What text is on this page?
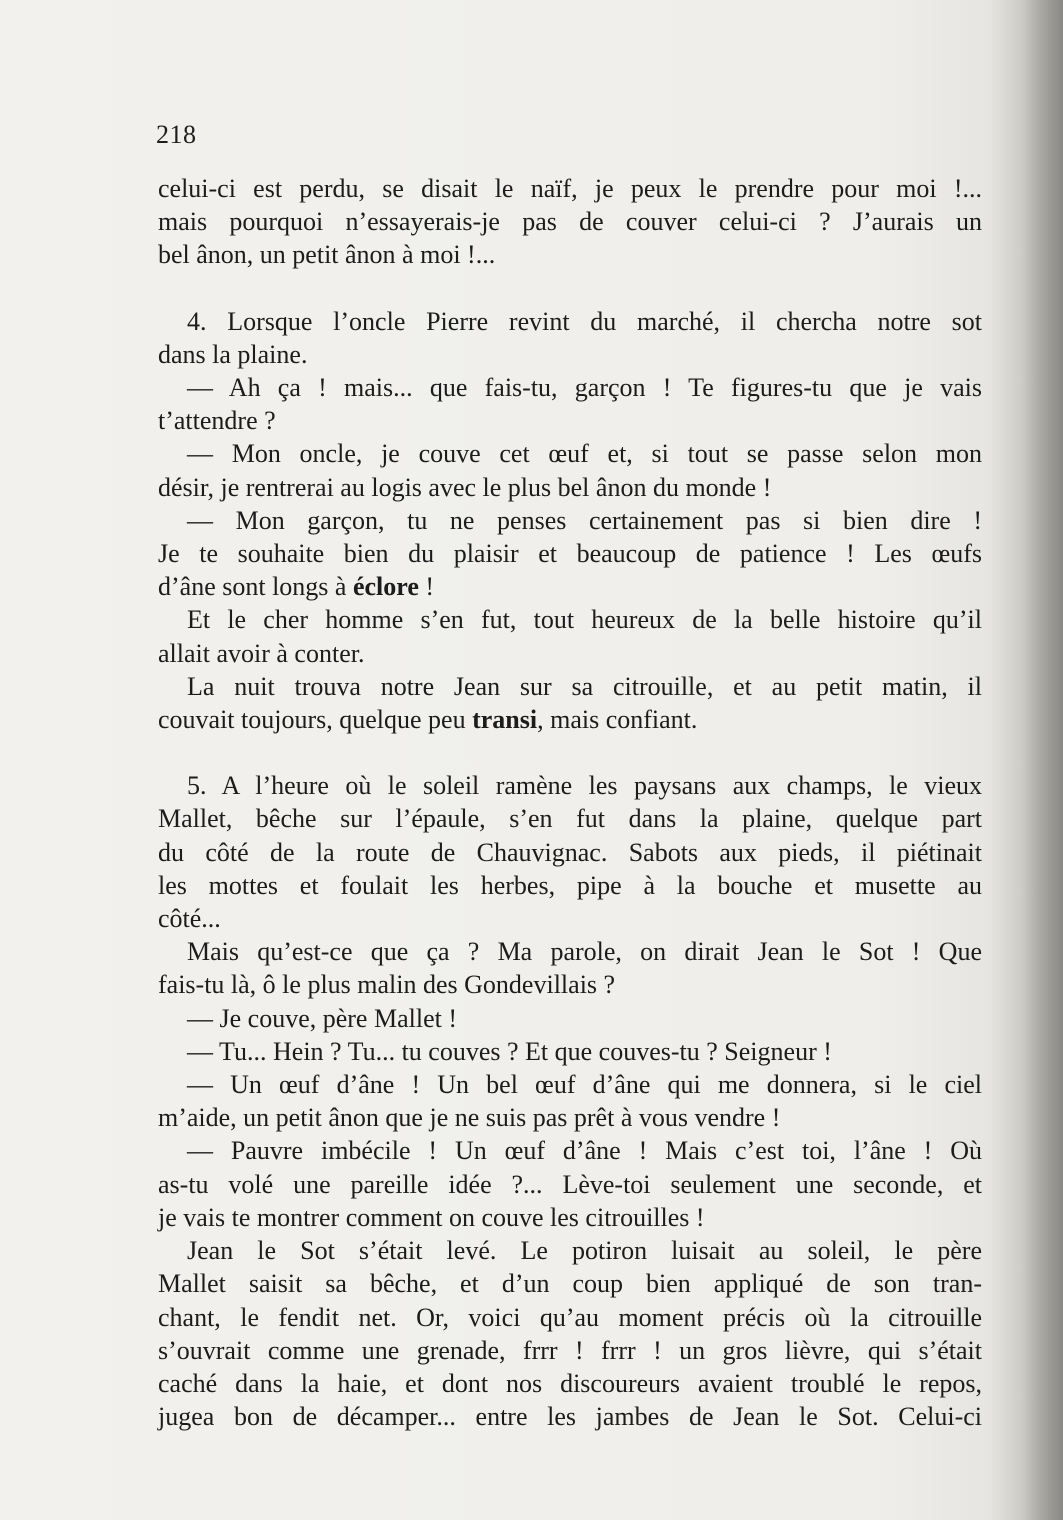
218

celui-ci est perdu, se disait le naïf, je peux le prendre pour moi !...
mais pourquoi n’essayerais-je pas de couver celui-ci ? J’aurais un
bel ânon, un petit ânon à moi !...

4. Lorsque l’oncle Pierre revint du marché, il chercha notre sot
dans la plaine.

— Ah ça ! mais... que fais-tu, garçon ! Te figures-tu que je vais
t’attendre ?

— Mon oncle, je couve cet œuf et, si tout se passe selon mon
désir, je rentrerai au logis avec le plus bel ânon du monde !

— Mon garçon, tu ne penses certainement pas si bien dire !
Je te souhaite bien du plaisir et beaucoup de patience ! Les œufs
d’âne sont longs à éclore !

Et le cher homme s’en fut, tout heureux de la belle histoire qu’il
allait avoir à conter.

La nuit trouva notre Jean sur sa citrouille, et au petit matin, il
couvait toujours, quelque peu transi, mais confiant.

5. A l’heure où le soleil ramène les paysans aux champs, le vieux
Mallet, bêche sur l’épaule, s’en fut dans la plaine, quelque part
du côté de la route de Chauvignac. Sabots aux pieds, il piétinait
les mottes et foulait les herbes, pipe à la bouche et musette au
côté...

Mais qu’est-ce que ça ? Ma parole, on dirait Jean le Sot ! Que
fais-tu là, ô le plus malin des Gondevillais ?

— Je couve, père Mallet !

— Tu... Hein ? Tu... tu couves ? Et que couves-tu ? Seigneur !

— Un œuf d’âne ! Un bel œuf d’âne qui me donnera, si le ciel
m’aide, un petit ânon que je ne suis pas prêt à vous vendre !

— Pauvre imbécile ! Un œuf d’âne ! Mais c’est toi, l’âne ! Où
as-tu volé une pareille idée ?... Lève-toi seulement une seconde, et
je vais te montrer comment on couve les citrouilles !

Jean le Sot s’était levé. Le potiron luisait au soleil, le père
Mallet saisit sa bêche, et d’un coup bien appliqué de son tran-
chant, le fendit net. Or, voici qu’au moment précis où la citrouille
s’ouvrait comme une grenade, frrr ! frrr ! un gros lièvre, qui s’était
caché dans la haie, et dont nos discoureurs avaient troublé le repos,
jugea bon de décamper... entre les jambes de Jean le Sot. Celui-ci
